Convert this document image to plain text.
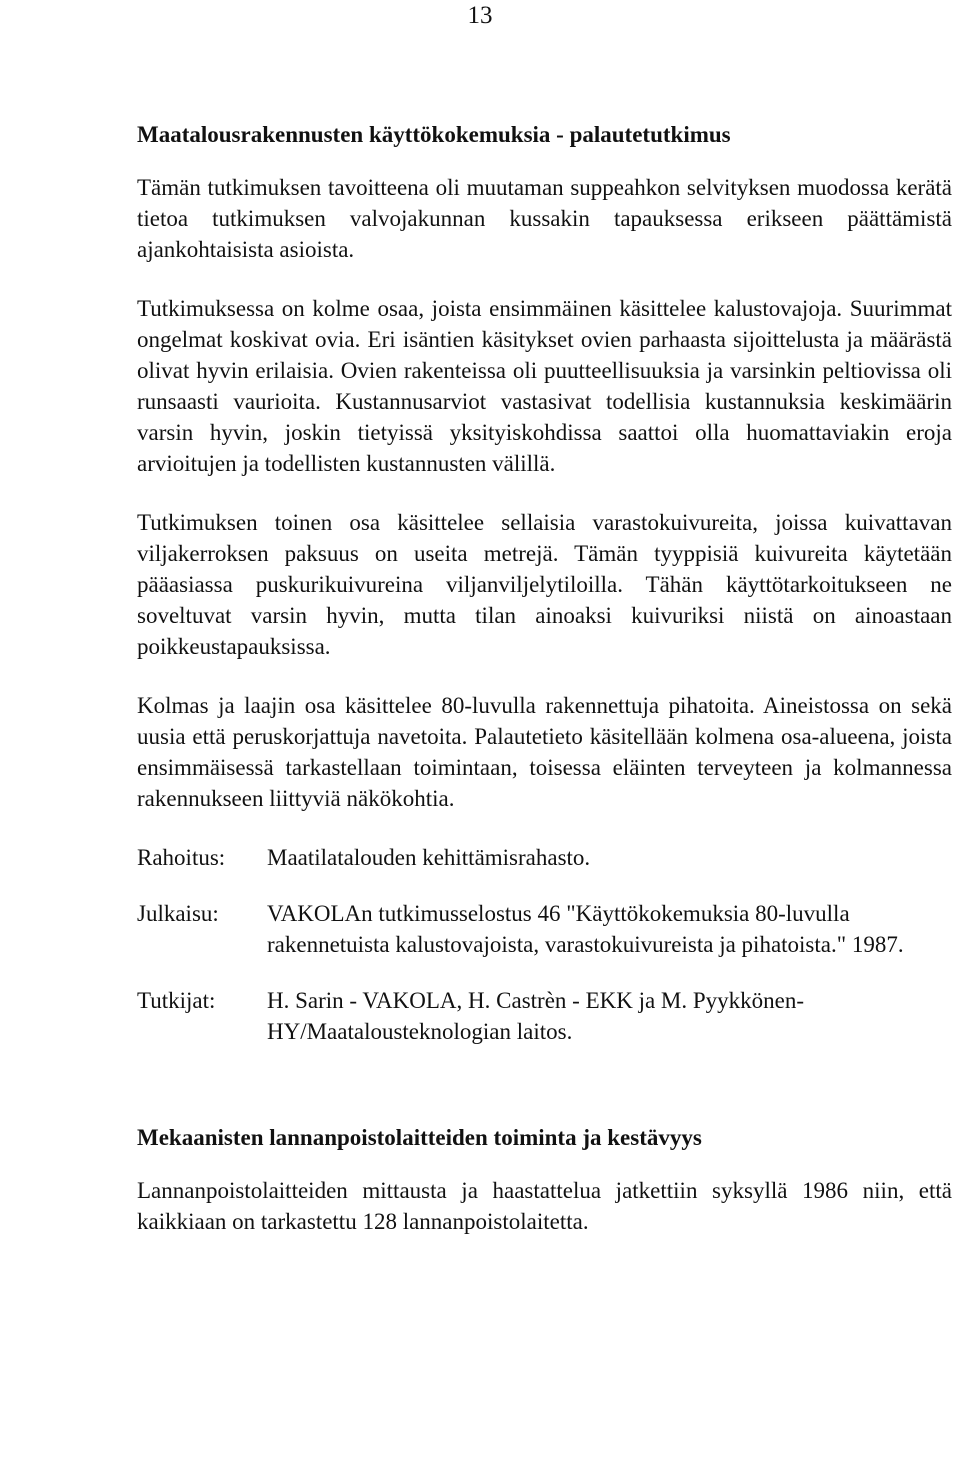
13
Maatalousrakennusten käyttökokemuksia - palautetutkimus

Tämän tutkimuksen tavoitteena oli muutaman suppeahkon selvityksen muodossa kerätä tietoa tutkimuksen valvojakunnan kussakin tapauksessa erikseen päättämistä ajankohtaisista asioista.

Tutkimuksessa on kolme osaa, joista ensimmäinen käsittelee kalustovajoja. Suurimmat ongelmat koskivat ovia. Eri isäntien käsitykset ovien parhaasta sijoittelusta ja määrästä olivat hyvin erilaisia. Ovien rakenteissa oli puutteellisuuksia ja varsinkin peltiovissa oli runsaasti vaurioita. Kustannusarviot vastasivat todellisia kustannuksia keskimäärin varsin hyvin, joskin tietyissä yksityiskohdissa saattoi olla huomattaviakin eroja arvioitujen ja todellisten kustannusten välillä.

Tutkimuksen toinen osa käsittelee sellaisia varastokuivureita, joissa kuivattavan viljakerroksen paksuus on useita metrejä. Tämän tyyppisiä kuivureita käytetään pääasiassa puskurikuivureina viljanviljelytiloilla. Tähän käyttötarkoitukseen ne soveltuvat varsin hyvin, mutta tilan ainoaksi kuivuriksi niistä on ainoastaan poikkeustapauksissa.

Kolmas ja laajin osa käsittelee 80-luvulla rakennettuja pihatoita. Aineistossa on sekä uusia että peruskorjattuja navetoita. Palautetieto käsitellään kolmena osa-alueena, joista ensimmäisessä tarkastellaan toimintaan, toisessa eläinten terveyteen ja kolmannessa rakennukseen liittyviä näkökohtia.

Rahoitus:	Maatilatalouden kehittämisrahasto.
Julkaisu:	VAKOLAn tutkimusselostus 46 "Käyttökokemuksia 80-luvulla rakennetuista kalustovajoista, varastokuivureista ja pihatoista." 1987.
Tutkijat:	H. Sarin - VAKOLA, H. Castrèn - EKK ja M. Pyykkönen-HY/Maatalousteknologian laitos.
Mekaanisten lannanpoistolaitteiden toiminta ja kestävyys

Lannanpoistolaitteiden mittausta ja haastattelua jatkettiin syksyllä 1986 niin, että kaikkiaan on tarkastettu 128 lannanpoistolaitetta.
